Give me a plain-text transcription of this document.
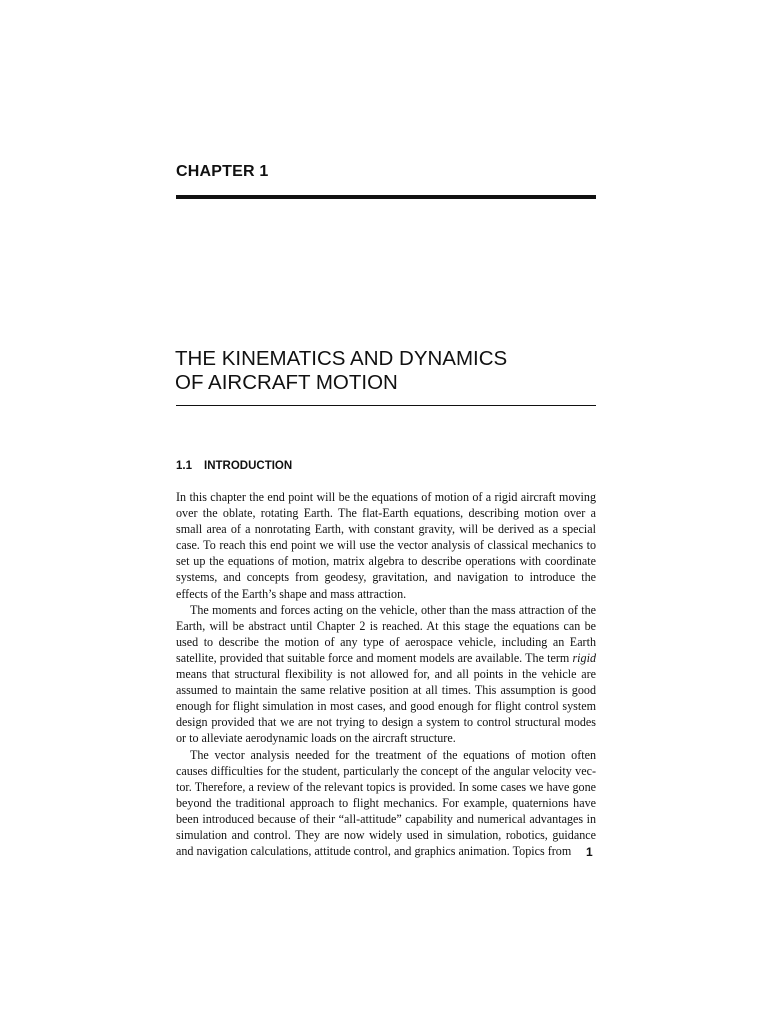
CHAPTER 1
THE KINEMATICS AND DYNAMICS
OF AIRCRAFT MOTION
1.1 INTRODUCTION

In this chapter the end point will be the equations of motion of a rigid aircraft moving over the oblate, rotating Earth. The flat-Earth equations, describing motion over a small area of a nonrotating Earth, with constant gravity, will be derived as a special case. To reach this end point we will use the vector analysis of classical mechanics to set up the equations of motion, matrix algebra to describe operations with coordinate systems, and concepts from geodesy, gravitation, and navigation to introduce the effects of the Earth’s shape and mass attraction.

The moments and forces acting on the vehicle, other than the mass attraction of the Earth, will be abstract until Chapter 2 is reached. At this stage the equations can be used to describe the motion of any type of aerospace vehicle, including an Earth satellite, provided that suitable force and moment models are available. The term rigid means that structural flexibility is not allowed for, and all points in the vehicle are assumed to maintain the same relative position at all times. This assumption is good enough for flight simulation in most cases, and good enough for flight control system design provided that we are not trying to design a system to control structural modes or to alleviate aerodynamic loads on the aircraft structure.

The vector analysis needed for the treatment of the equations of motion often causes difficulties for the student, particularly the concept of the angular velocity vector. Therefore, a review of the relevant topics is provided. In some cases we have gone beyond the traditional approach to flight mechanics. For example, quaternions have been introduced because of their “all-attitude” capability and numerical advantages in simulation and control. They are now widely used in simulation, robotics, guidance and navigation calculations, attitude control, and graphics animation. Topics from	1
